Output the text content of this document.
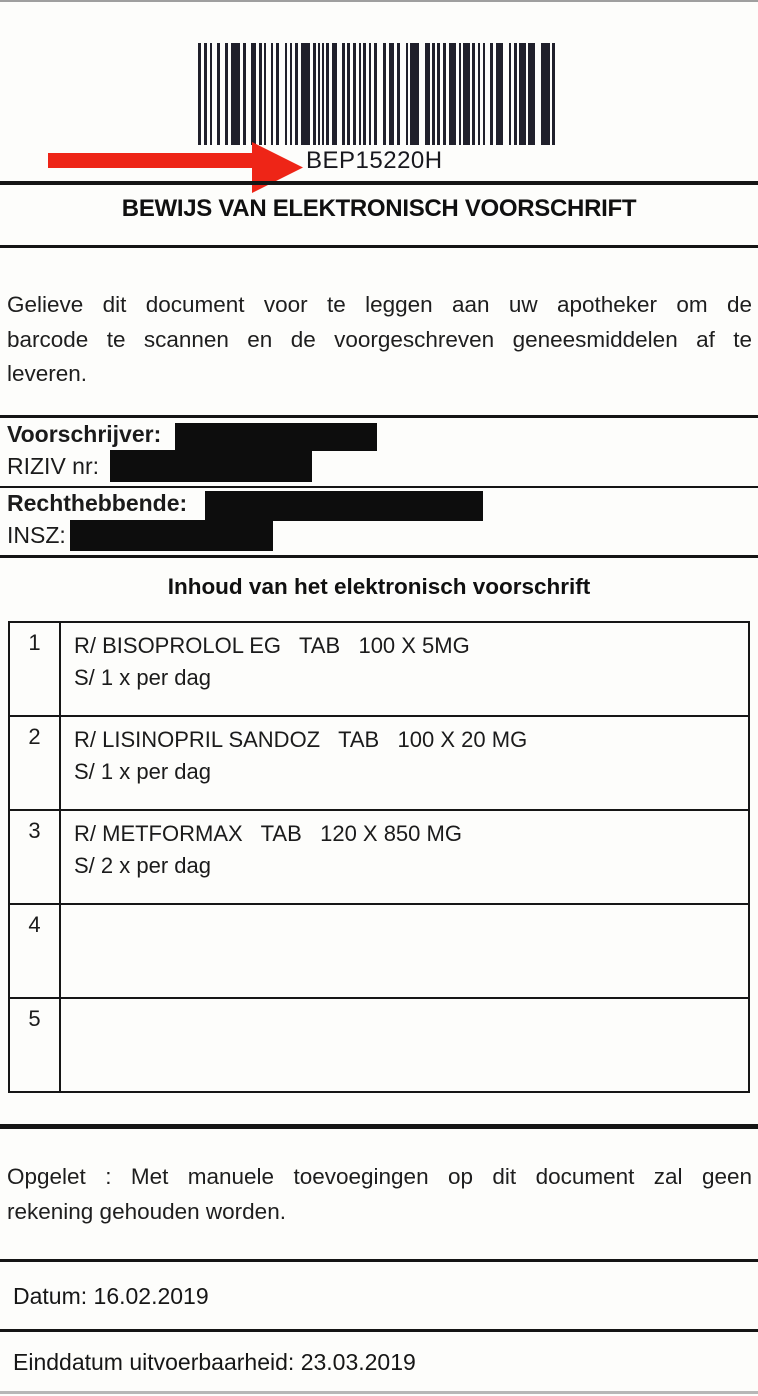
BEP15220H
BEWIJS VAN ELEKTRONISCH VOORSCHRIFT
Gelieve dit document voor te leggen aan uw apotheker om de
barcode te scannen en de voorgeschreven geneesmiddelen af te
leveren.
Voorschrijver:
RIZIV nr:
Rechthebbende:
INSZ:
Inhoud van het elektronisch voorschrift
1	R/ BISOPROLOL EG   TAB   100 X 5MG
S/ 1 x per dag

2	R/ LISINOPRIL SANDOZ   TAB   100 X 20 MG
S/ 1 x per dag

3	R/ METFORMAX   TAB   120 X 850 MG
S/ 2 x per dag

4	

5	
Opgelet : Met manuele toevoegingen op dit document zal geen
rekening gehouden worden.
Datum: 16.02.2019
Einddatum uitvoerbaarheid: 23.03.2019
